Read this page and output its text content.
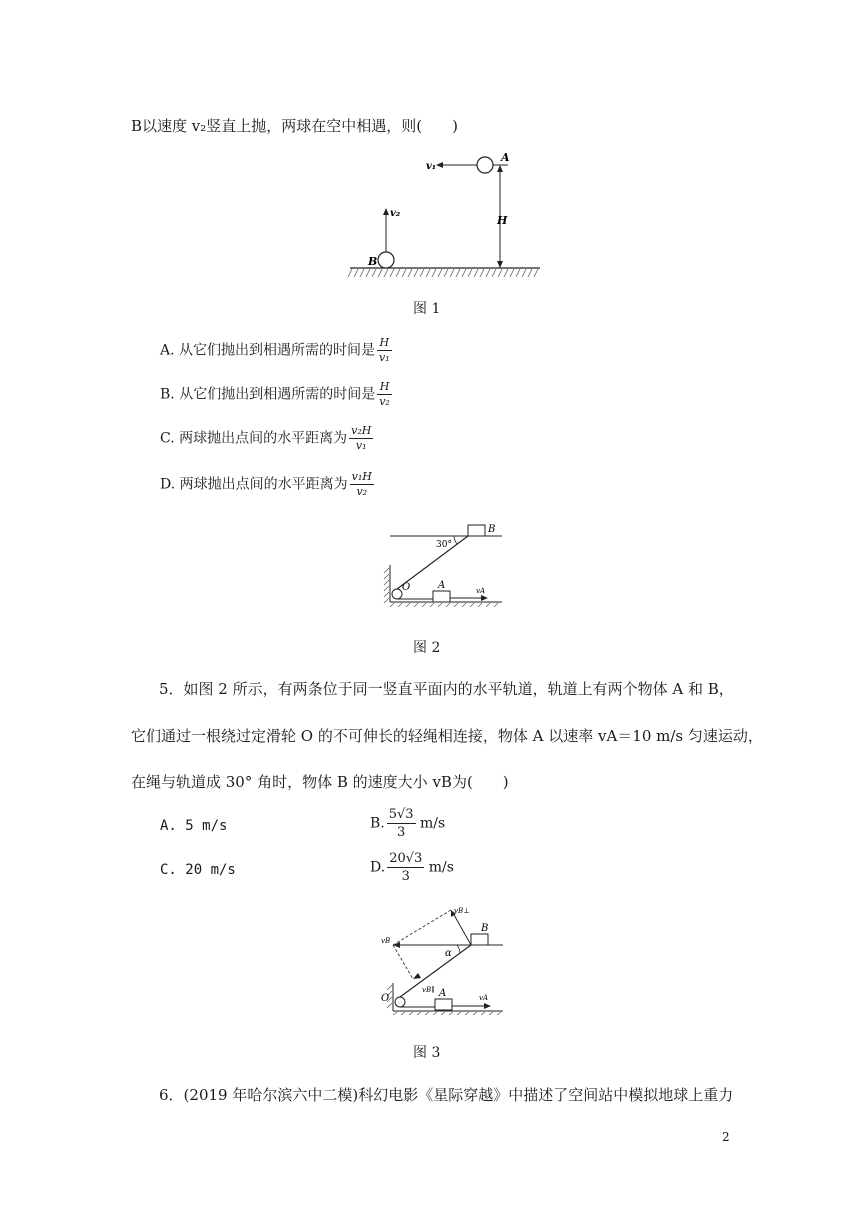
B以速度 v₂竖直上抛，两球在空中相遇，则(　　)
v₁
A
v₂
H
B
图 1
A. 从它们抛出到相遇所需的时间是 $\frac{H}{\text{v₁}}$
B. 从它们抛出到相遇所需的时间是 $\frac{H}{\text{v₂}}$
C. 两球抛出点间的水平距离为 $\frac{\text{v₂H}}{\text{v₁}}$
D. 两球抛出点间的水平距离为 $\frac{\text{v₁H}}{\text{v₂}}$
30°
B
O	A	vA
图 2
5．如图 2 所示，有两条位于同一竖直平面内的水平轨道，轨道上有两个物体 A 和 B，
它们通过一根绕过定滑轮 O 的不可伸长的轻绳相连接，物体 A 以速率 vA＝10 m/s 匀速运动，
在绳与轨道成 30° 角时，物体 B 的速度大小 vB为(　　)
A. 5 m/s	B. $\frac{5√3}{3} m/s$
C. 20 m/s	D. $\frac{20√3}{3} m/s$
vB⊥
vB
B
α
vB∥
O	A	vA
图 3
6．(2019 年哈尔滨六中二模)科幻电影《星际穿越》中描述了空间站中模拟地球上重力
2
